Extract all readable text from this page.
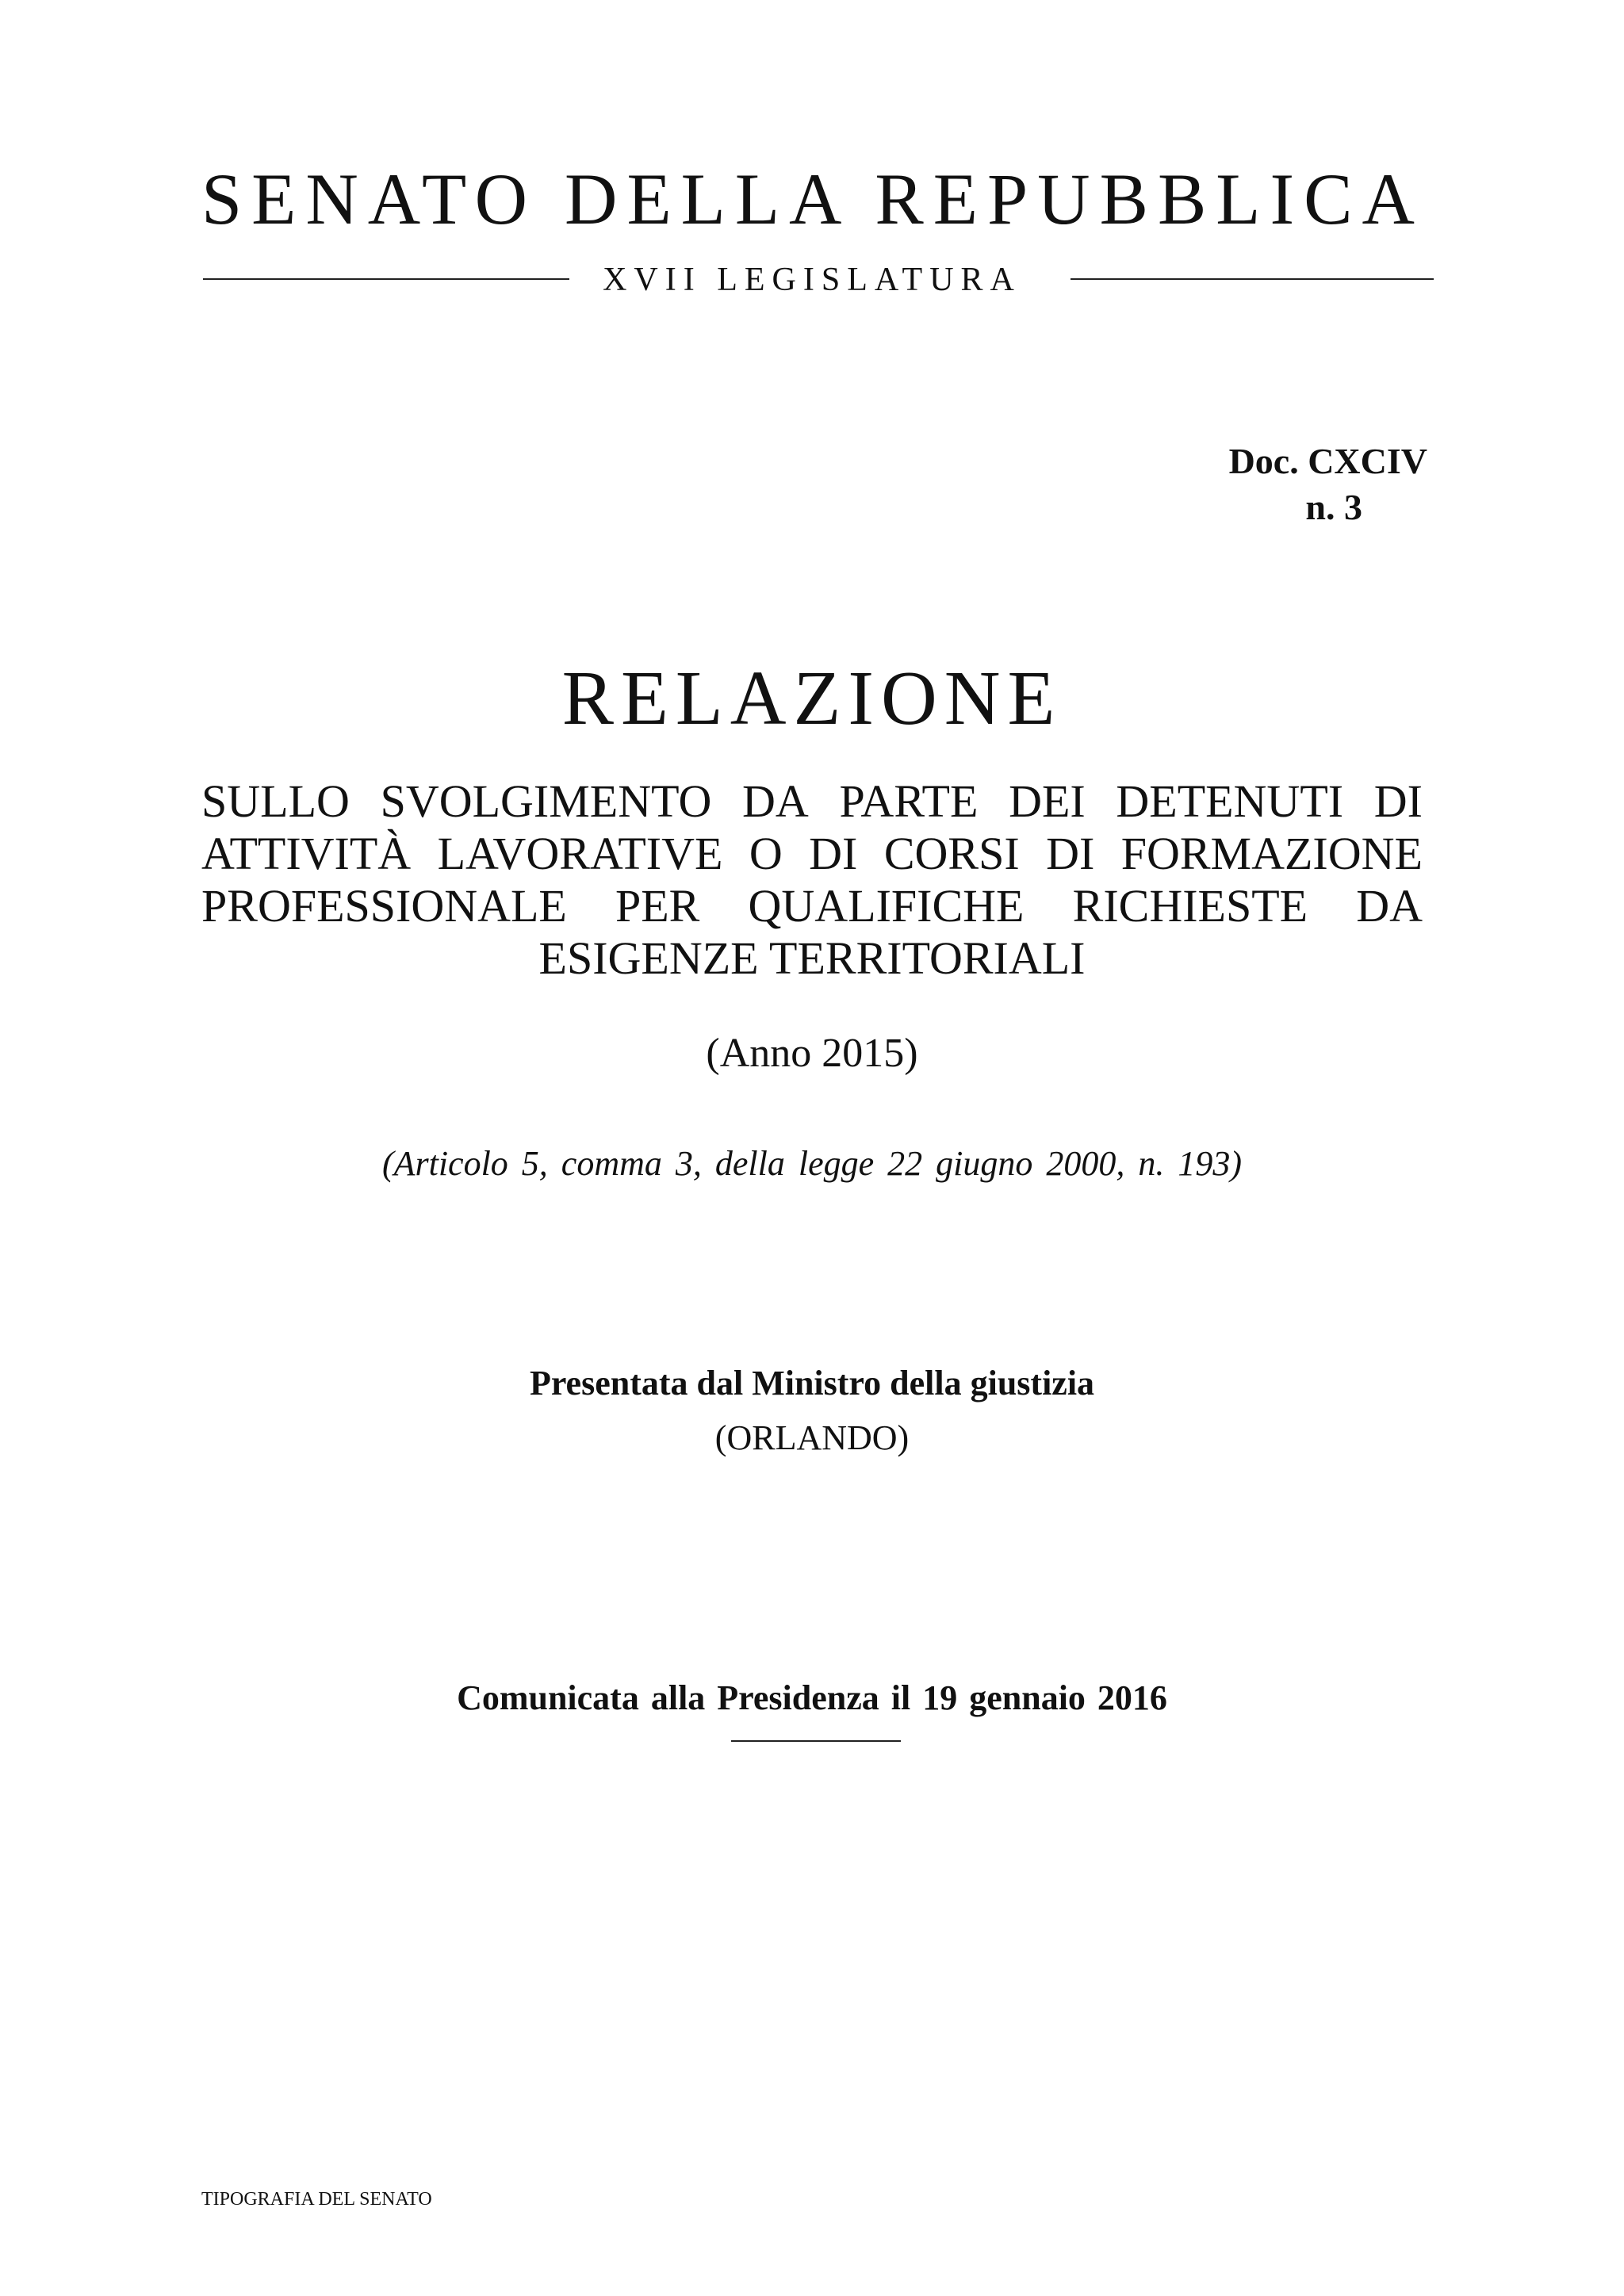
SENATO DELLA REPUBBLICA
XVII LEGISLATURA
Doc. CXCIV
n. 3
RELAZIONE
SULLO SVOLGIMENTO DA PARTE DEI DETENUTI DI
ATTIVITÀ LAVORATIVE O DI CORSI DI FORMAZIONE
PROFESSIONALE PER QUALIFICHE RICHIESTE DA
ESIGENZE TERRITORIALI
(Anno 2015)
(Articolo 5, comma 3, della legge 22 giugno 2000, n. 193)
Presentata dal Ministro della giustizia
(ORLANDO)
Comunicata alla Presidenza il 19 gennaio 2016
TIPOGRAFIA DEL SENATO
